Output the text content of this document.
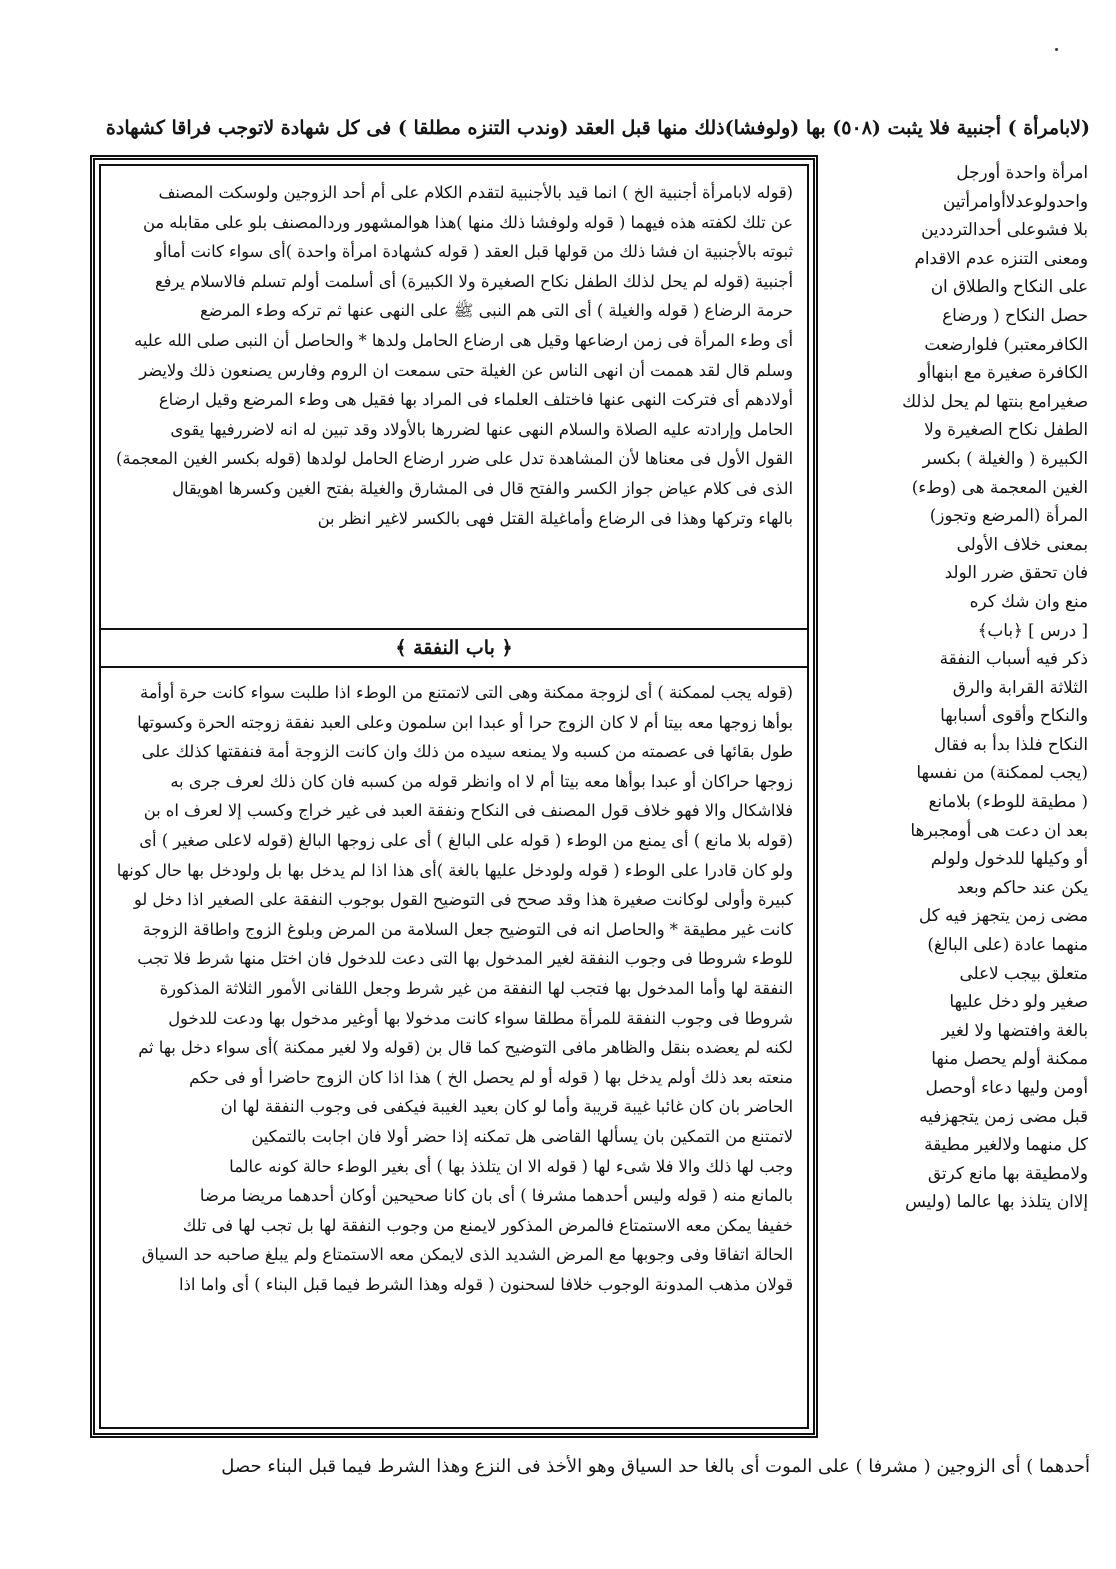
(لابامرأة ) أجنبية فلا يثبت (٥٠٨) بها (ولوفشا)ذلك منها قبل العقد (وندب التنزه مطلقا ) فى كل شهادة لاتوجب فراقا كشهادة
امرأة واحدة أورجل
واحدولوعدلاأوامرأتين
بلا فشوعلى أحدالترددين
ومعنى التنزه عدم الاقدام
على النكاح والطلاق ان
حصل النكاح ( ورضاع
الكافرمعتبر) فلوارضعت
الكافرة صغيرة مع ابنهاأو
صغيرامع بنتها لم يحل لذلك
الطفل نكاح الصغيرة ولا
الكبيرة ( والغيلة ) بكسر
الغين المعجمة هى (وطء)
المرأة (المرضع وتجوز)
بمعنى خلاف الأولى
فان تحقق ضرر الولد
منع وان شك كره
[ درس ] ﴿باب﴾
ذكر فيه أسباب النفقة
الثلاثة القرابة والرق
والنكاح وأقوى أسبابها
النكاح فلذا بدأ به فقال
(يجب لممكنة) من نفسها
( مطيقة للوطء) بلامانع
بعد ان دعت هى أومجبرها
أو وكيلها للدخول ولولم
يكن عند حاكم وبعد
مضى زمن يتجهز فيه كل
منهما عادة (على البالغ)
متعلق بيجب لاعلى
صغير ولو دخل عليها
بالغة وافتضها ولا لغير
ممكنة أولم يحصل منها
أومن وليها دعاء أوحصل
قبل مضى زمن يتجهزفيه
كل منهما ولالغير مطيقة
ولامطيقة بها مانع كرتق
إلاان يتلذذ بها عالما (وليس
(قوله لابامرأة أجنبية الخ ) انما قيد بالأجنبية لتقدم الكلام على أم أحد الزوجين ولوسكت المصنف
عن تلك لكفته هذه فيهما ( قوله ولوفشا ذلك منها )هذا هوالمشهور وردالمصنف بلو على مقابله من
ثبوته بالأجنبية ان فشا ذلك من قولها قبل العقد ( قوله كشهادة امرأة واحدة )أى سواء كانت أماأو
أجنبية (قوله لم يحل لذلك الطفل نكاح الصغيرة ولا الكبيرة) أى أسلمت أولم تسلم فالاسلام يرفع
حرمة الرضاع ( قوله والغيلة ) أى التى هم النبى ﷺ على النهى عنها ثم تركه وطء المرضع
أى وطء المرأة فى زمن ارضاعها وقيل هى ارضاع الحامل ولدها * والحاصل أن النبى صلى الله عليه
وسلم قال لقد هممت أن انهى الناس عن الغيلة حتى سمعت ان الروم وفارس يصنعون ذلك ولايضر
أولادهم أى فتركت النهى عنها فاختلف العلماء فى المراد بها فقيل هى وطء المرضع وقيل ارضاع
الحامل وإرادته عليه الصلاة والسلام النهى عنها لضررها بالأولاد وقد تبين له انه لاضررفيها يقوى
القول الأول فى معناها لأن المشاهدة تدل على ضرر ارضاع الحامل لولدها (قوله بكسر الغين المعجمة)
الذى فى كلام عياض جواز الكسر والفتح قال فى المشارق والغيلة بفتح الغين وكسرها اهويقال
بالهاء وتركها وهذا فى الرضاع وأماغيلة القتل فهى بالكسر لاغير انظر بن
﴿ باب النفقة ﴾
(قوله يجب لممكنة ) أى لزوجة ممكنة وهى التى لاتمتنع من الوطء اذا طلبت سواء كانت حرة أوأمة
بوأها زوجها معه بيتا أم لا كان الزوج حرا أو عبدا ابن سلمون وعلى العبد نفقة زوجته الحرة وكسوتها
طول بقائها فى عصمته من كسبه ولا يمنعه سيده من ذلك وان كانت الزوجة أمة فنفقتها كذلك على
زوجها حراكان أو عبدا بوأها معه بيتا أم لا اه وانظر قوله من كسبه فان كان ذلك لعرف جرى به
فلااشكال والا فهو خلاف قول المصنف فى النكاح ونفقة العبد فى غير خراج وكسب إلا لعرف اه بن
(قوله بلا مانع ) أى يمنع من الوطء ( قوله على البالغ ) أى على زوجها البالغ (قوله لاعلى صغير ) أى
ولو كان قادرا على الوطء ( قوله ولودخل عليها بالغة )أى هذا اذا لم يدخل بها بل ولودخل بها حال كونها
كبيرة وأولى لوكانت صغيرة هذا وقد صحح فى التوضيح القول بوجوب النفقة على الصغير اذا دخل لو
كانت غير مطيقة * والحاصل انه فى التوضيح جعل السلامة من المرض وبلوغ الزوج واطاقة الزوجة
للوطء شروطا فى وجوب النفقة لغير المدخول بها التى دعت للدخول فان اختل منها شرط فلا تجب
النفقة لها وأما المدخول بها فتجب لها النفقة من غير شرط وجعل اللقانى الأمور الثلاثة المذكورة
شروطا فى وجوب النفقة للمرأة مطلقا سواء كانت مدخولا بها أوغير مدخول بها ودعت للدخول
لكنه لم يعضده بنقل والظاهر مافى التوضيح كما قال بن (قوله ولا لغير ممكنة )أى سواء دخل بها ثم
منعته بعد ذلك أولم يدخل بها ( قوله أو لم يحصل الخ ) هذا اذا كان الزوج حاضرا أو فى حكم
الحاضر بان كان غائبا غيبة قريبة وأما لو كان بعيد الغيبة فيكفى فى وجوب النفقة لها ان
لاتمتنع من التمكين بان يسألها القاضى هل تمكنه إذا حضر أولا فان اجابت بالتمكين
وجب لها ذلك والا فلا شىء لها ( قوله الا ان يتلذذ بها ) أى بغير الوطء حالة كونه عالما
بالمانع منه ( قوله وليس أحدهما مشرفا ) أى بان كانا صحيحين أوكان أحدهما مريضا مرضا
خفيفا يمكن معه الاستمتاع فالمرض المذكور لايمنع من وجوب النفقة لها بل تجب لها فى تلك
الحالة اتفاقا وفى وجوبها مع المرض الشديد الذى لايمكن معه الاستمتاع ولم يبلغ صاحبه حد السياق
قولان مذهب المدونة الوجوب خلافا لسحنون ( قوله وهذا الشرط فيما قبل البناء ) أى واما اذا
أحدهما ) أى الزوجين ( مشرفا ) على الموت أى بالغا حد السياق وهو الأخذ فى النزع وهذا الشرط فيما قبل البناء حصل
